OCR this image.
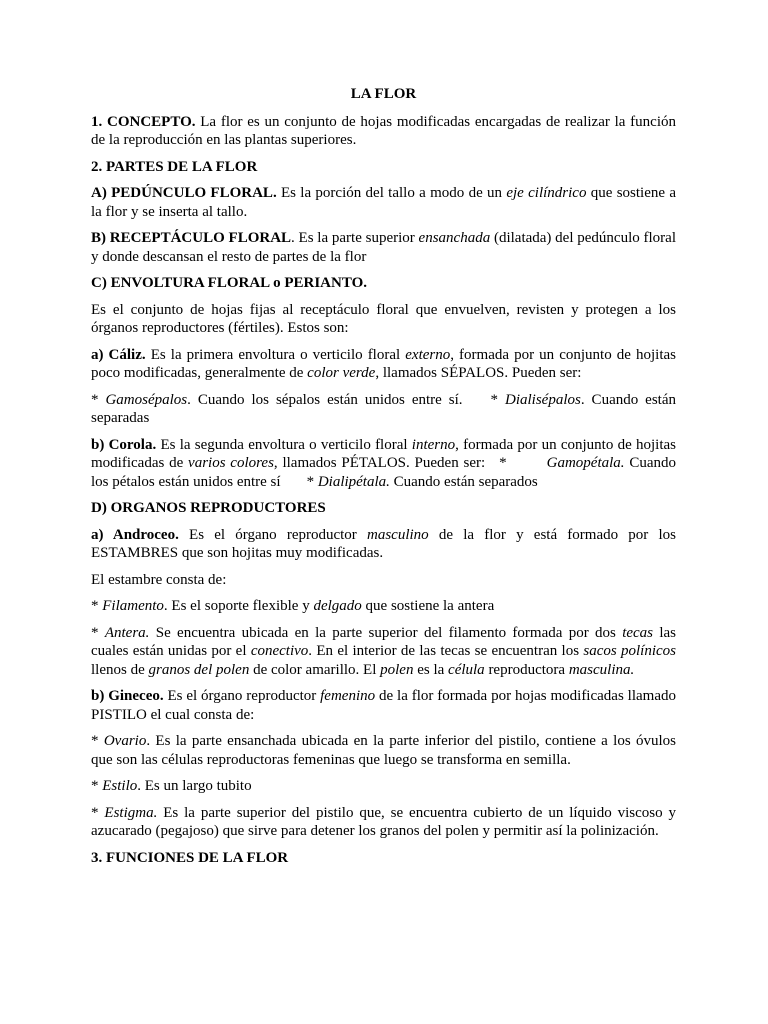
LA FLOR

1. CONCEPTO. La flor es un conjunto de hojas modificadas encargadas de realizar la función de la reproducción en las plantas superiores.

2. PARTES DE LA FLOR

A) PEDÚNCULO FLORAL. Es la porción del tallo a modo de un eje cilíndrico que sostiene a la flor y se inserta al tallo.

B) RECEPTÁCULO FLORAL. Es la parte superior ensanchada (dilatada) del pedúnculo floral y donde descansan el resto de partes de la flor

C) ENVOLTURA FLORAL o PERIANTO.

Es el conjunto de hojas fijas al receptáculo floral que envuelven, revisten y protegen a los órganos reproductores (fértiles). Estos son:

a) Cáliz. Es la primera envoltura o verticilo floral externo, formada por un conjunto de hojitas poco modificadas, generalmente de color verde, llamados SÉPALOS. Pueden ser:

* Gamosépalos. Cuando los sépalos están unidos entre sí. * Dialisépalos. Cuando están separadas

b) Corola. Es la segunda envoltura o verticilo floral interno, formada por un conjunto de hojitas modificadas de varios colores, llamados PÉTALOS. Pueden ser: *	Gamopétala. Cuando los pétalos están unidos entre sí * Dialipétala. Cuando están separados

D) ORGANOS REPRODUCTORES

a) Androceo. Es el órgano reproductor masculino de la flor y está formado por los ESTAMBRES que son hojitas muy modificadas.

El estambre consta de:

* Filamento. Es el soporte flexible y delgado que sostiene la antera

* Antera. Se encuentra ubicada en la parte superior del filamento formada por dos tecas las cuales están unidas por el conectivo. En el interior de las tecas se encuentran los sacos polínicos llenos de granos del polen de color amarillo. El polen es la célula reproductora masculina.

b) Gineceo. Es el órgano reproductor femenino de la flor formada por hojas modificadas llamado PISTILO el cual consta de:

* Ovario. Es la parte ensanchada ubicada en la parte inferior del pistilo, contiene a los óvulos que son las células reproductoras femeninas que luego se transforma en semilla.

* Estilo. Es un largo tubito

* Estigma. Es la parte superior del pistilo que, se encuentra cubierto de un líquido viscoso y azucarado (pegajoso) que sirve para detener los granos del polen y permitir así la polinización.

3. FUNCIONES DE LA FLOR
